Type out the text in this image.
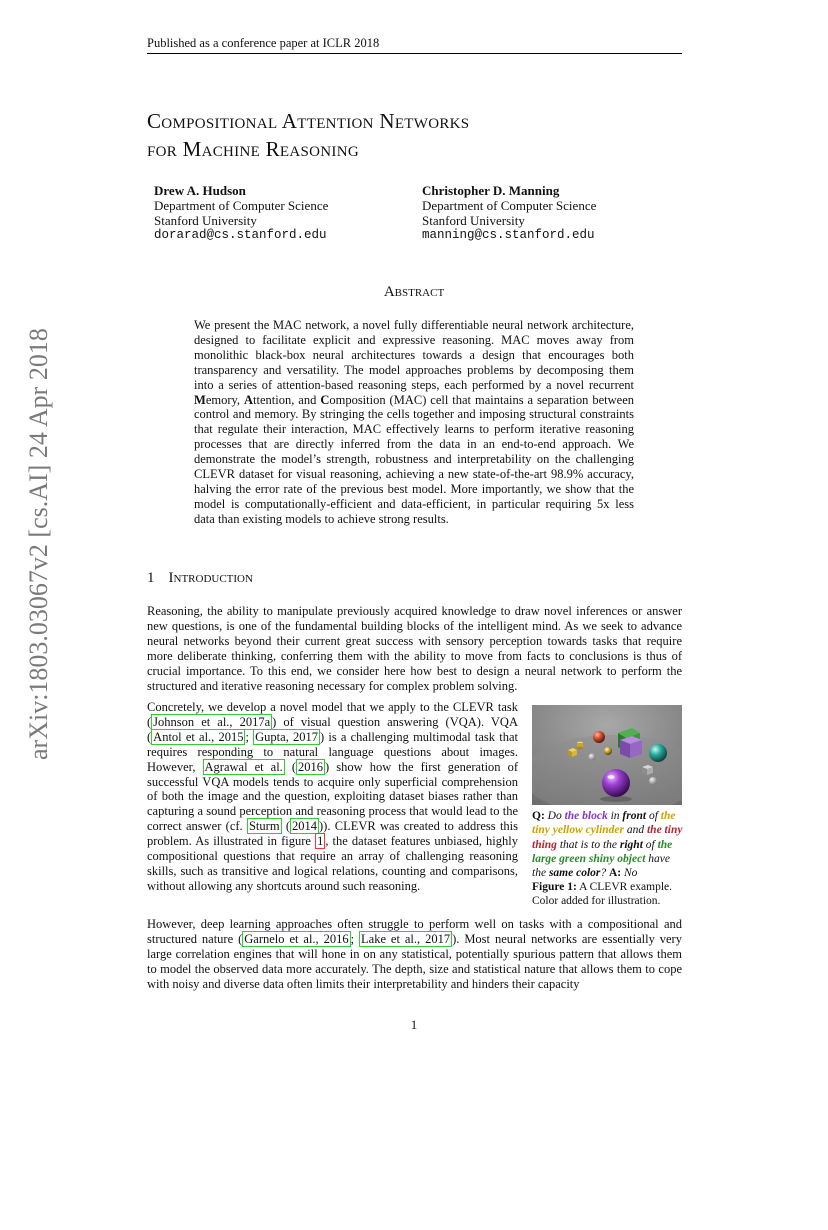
Published as a conference paper at ICLR 2018
arXiv:1803.03067v2 [cs.AI] 24 Apr 2018
Compositional Attention Networks
for Machine Reasoning
Drew A. Hudson
Department of Computer Science
Stanford University
dorarad@cs.stanford.edu
Christopher D. Manning
Department of Computer Science
Stanford University
manning@cs.stanford.edu
Abstract
We present the MAC network, a novel fully differentiable neural network architecture, designed to facilitate explicit and expressive reasoning. MAC moves away from monolithic black-box neural architectures towards a design that encourages both transparency and versatility. The model approaches problems by decomposing them into a series of attention-based reasoning steps, each performed by a novel recurrent Memory, Attention, and Composition (MAC) cell that maintains a separation between control and memory. By stringing the cells together and imposing structural constraints that regulate their interaction, MAC effectively learns to perform iterative reasoning processes that are directly inferred from the data in an end-to-end approach. We demonstrate the model’s strength, robustness and interpretability on the challenging CLEVR dataset for visual reasoning, achieving a new state-of-the-art 98.9% accuracy, halving the error rate of the previous best model. More importantly, we show that the model is computationally-efficient and data-efficient, in particular requiring 5x less data than existing models to achieve strong results.
1 Introduction
Reasoning, the ability to manipulate previously acquired knowledge to draw novel inferences or answer new questions, is one of the fundamental building blocks of the intelligent mind. As we seek to advance neural networks beyond their current great success with sensory perception towards tasks that require more deliberate thinking, conferring them with the ability to move from facts to conclusions is thus of crucial importance. To this end, we consider here how best to design a neural network to perform the structured and iterative reasoning necessary for complex problem solving.
Concretely, we develop a novel model that we apply to the CLEVR task ( Johnson et al., 2017a ) of visual question answering (VQA). VQA ( Antol et al., 2015 ; Gupta, 2017 ) is a challenging multimodal task that requires responding to natural language questions about images. However, Agrawal et al. ( 2016 ) show how the first generation of successful VQA models tends to acquire only superficial comprehension of both the image and the question, exploiting dataset biases rather than capturing a sound perception and reasoning process that would lead to the correct answer (cf. Sturm ( 2014 )). CLEVR was created to address this problem. As illustrated in figure 1 , the dataset features unbiased, highly compositional questions that require an array of challenging reasoning skills, such as transitive and logical relations, counting and comparisons, without allowing any shortcuts around such reasoning.
Q: Do the block in front of the tiny yellow cylinder and the tiny thing that is to the right of the large green shiny object have the same color? A: No
Figure 1: A CLEVR example. Color added for illustration.
However, deep learning approaches often struggle to perform well on tasks with a compositional and structured nature ( Garnelo et al., 2016 ; Lake et al., 2017 ). Most neural networks are essentially very large correlation engines that will hone in on any statistical, potentially spurious pattern that allows them to model the observed data more accurately. The depth, size and statistical nature that allows them to cope with noisy and diverse data often limits their interpretability and hinders their capacity
1
